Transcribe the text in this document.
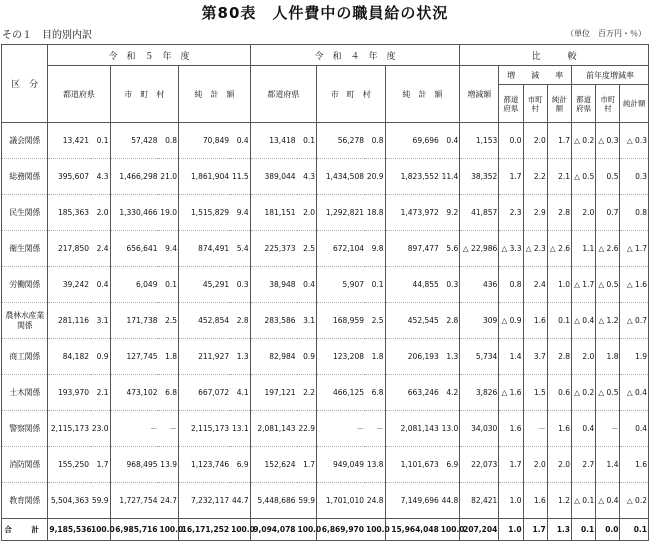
第80表　人件費中の職員給の状況
その１　目的別内訳	（単位　百万円・％）
区　分	令　和　５　年　度						令　和　４　年　度						比　　　較						
	都道府県		市　町　村		純　計　額		都道府県		市　町　村		純　計　額		増減額	増　　減　　率			前年度増減率		
														都道府県	市町村	純計額	都道府県	市町村	純計額
議会関係	13,421	0.1	57,428	0.8	70,849	0.4	13,418	0.1	56,278	0.8	69,696	0.4	1,153	0.0	2.0	1.7	△ 0.2	△ 0.3	△ 0.3
総務関係	395,607	4.3	1,466,298	21.0	1,861,904	11.5	389,044	4.3	1,434,508	20.9	1,823,552	11.4	38,352	1.7	2.2	2.1	△ 0.5	0.5	0.3
民生関係	185,363	2.0	1,330,466	19.0	1,515,829	9.4	181,151	2.0	1,292,821	18.8	1,473,972	9.2	41,857	2.3	2.9	2.8	2.0	0.7	0.8
衛生関係	217,850	2.4	656,641	9.4	874,491	5.4	225,373	2.5	672,104	9.8	897,477	5.6	△ 22,986	△ 3.3	△ 2.3	△ 2.6	1.1	△ 2.6	△ 1.7
労働関係	39,242	0.4	6,049	0.1	45,291	0.3	38,948	0.4	5,907	0.1	44,855	0.3	436	0.8	2.4	1.0	△ 1.7	△ 0.5	△ 1.6
農林水産業関係	281,116	3.1	171,738	2.5	452,854	2.8	283,586	3.1	168,959	2.5	452,545	2.8	309	△ 0.9	1.6	0.1	△ 0.4	△ 1.2	△ 0.7
商工関係	84,182	0.9	127,745	1.8	211,927	1.3	82,984	0.9	123,208	1.8	206,193	1.3	5,734	1.4	3.7	2.8	2.0	1.8	1.9
土木関係	193,970	2.1	473,102	6.8	667,072	4.1	197,121	2.2	466,125	6.8	663,246	4.2	3,826	△ 1.6	1.5	0.6	△ 0.2	△ 0.5	△ 0.4
警察関係	2,115,173	23.0	－	－	2,115,173	13.1	2,081,143	22.9	－	－	2,081,143	13.0	34,030	1.6	－	1.6	0.4	－	0.4
消防関係	155,250	1.7	968,495	13.9	1,123,746	6.9	152,624	1.7	949,049	13.8	1,101,673	6.9	22,073	1.7	2.0	2.0	2.7	1.4	1.6
教育関係	5,504,363	59.9	1,727,754	24.7	7,232,117	44.7	5,448,686	59.9	1,701,010	24.8	7,149,696	44.8	82,421	1.0	1.6	1.2	△ 0.1	△ 0.4	△ 0.2
合　計	9,185,536	100.0	6,985,716	100.0	16,171,252	100.0	9,094,078	100.0	6,869,970	100.0	15,964,048	100.0	207,204	1.0	1.7	1.3	0.1	0.0	0.1
